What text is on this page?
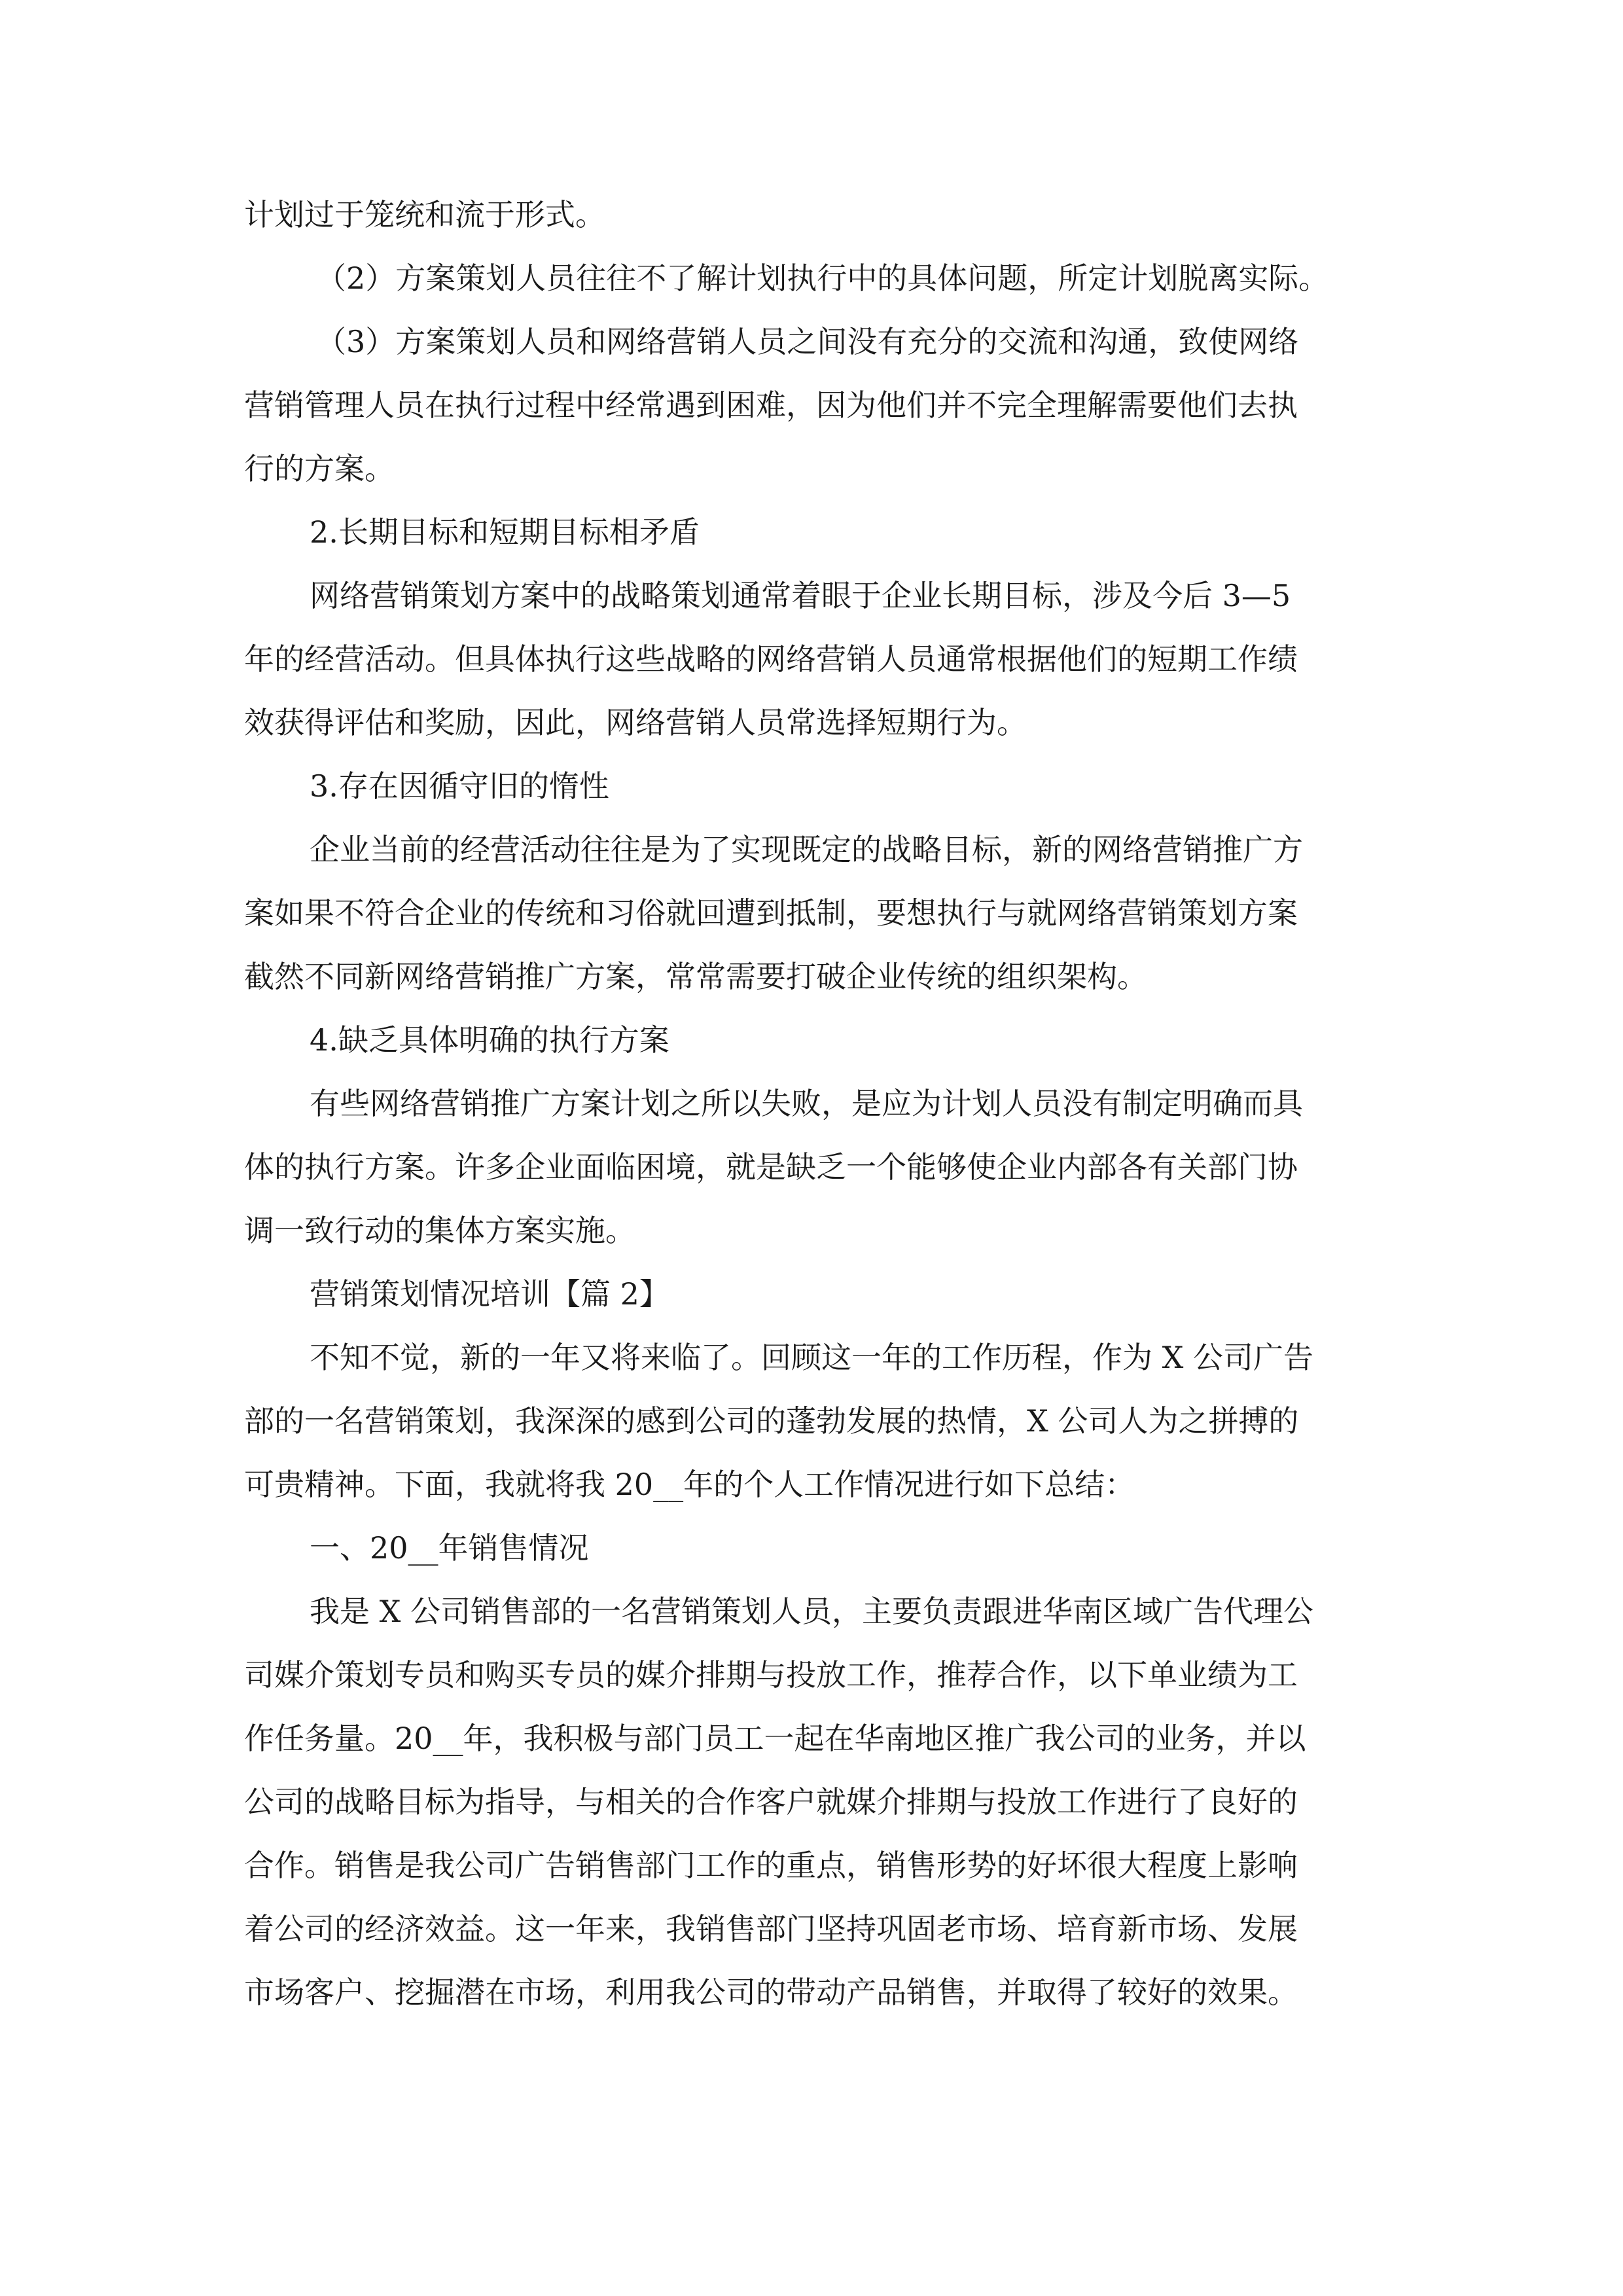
计划过于笼统和流于形式。
（2）方案策划人员往往不了解计划执行中的具体问题，所定计划脱离实际。
（3）方案策划人员和网络营销人员之间没有充分的交流和沟通，致使网络
营销管理人员在执行过程中经常遇到困难，因为他们并不完全理解需要他们去执
行的方案。
2.长期目标和短期目标相矛盾
网络营销策划方案中的战略策划通常着眼于企业长期目标，涉及今后 3—5
年的经营活动。但具体执行这些战略的网络营销人员通常根据他们的短期工作绩
效获得评估和奖励，因此，网络营销人员常选择短期行为。
3.存在因循守旧的惰性
企业当前的经营活动往往是为了实现既定的战略目标，新的网络营销推广方
案如果不符合企业的传统和习俗就回遭到抵制，要想执行与就网络营销策划方案
截然不同新网络营销推广方案，常常需要打破企业传统的组织架构。
4.缺乏具体明确的执行方案
有些网络营销推广方案计划之所以失败，是应为计划人员没有制定明确而具
体的执行方案。许多企业面临困境，就是缺乏一个能够使企业内部各有关部门协
调一致行动的集体方案实施。
营销策划情况培训【篇 2】
不知不觉，新的一年又将来临了。回顾这一年的工作历程，作为 X 公司广告
部的一名营销策划，我深深的感到公司的蓬勃发展的热情，X 公司人为之拼搏的
可贵精神。下面，我就将我 20__年的个人工作情况进行如下总结：
一、20__年销售情况
我是 X 公司销售部的一名营销策划人员，主要负责跟进华南区域广告代理公
司媒介策划专员和购买专员的媒介排期与投放工作，推荐合作，以下单业绩为工
作任务量。20__年，我积极与部门员工一起在华南地区推广我公司的业务，并以
公司的战略目标为指导，与相关的合作客户就媒介排期与投放工作进行了良好的
合作。销售是我公司广告销售部门工作的重点，销售形势的好坏很大程度上影响
着公司的经济效益。这一年来，我销售部门坚持巩固老市场、培育新市场、发展
市场客户、挖掘潜在市场，利用我公司的带动产品销售，并取得了较好的效果。
